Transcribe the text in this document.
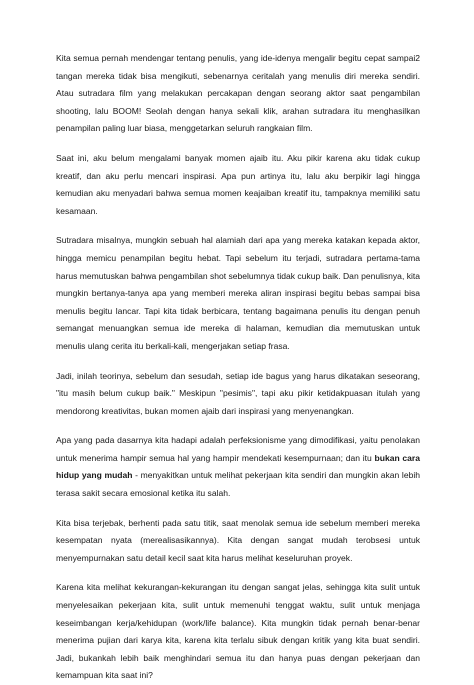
Kita semua pernah mendengar tentang penulis, yang ide-idenya mengalir begitu cepat sampai2 tangan mereka tidak bisa mengikuti, sebenarnya ceritalah yang menulis diri mereka sendiri. Atau sutradara film yang melakukan percakapan dengan seorang aktor saat pengambilan shooting, lalu BOOM! Seolah dengan hanya sekali klik, arahan sutradara itu menghasilkan penampilan paling luar biasa, menggetarkan seluruh rangkaian film.

Saat ini, aku belum mengalami banyak momen ajaib itu. Aku pikir karena aku tidak cukup kreatif, dan aku perlu mencari inspirasi. Apa pun artinya itu, lalu aku berpikir lagi hingga kemudian aku menyadari bahwa semua momen keajaiban kreatif itu, tampaknya memiliki satu kesamaan.

Sutradara misalnya, mungkin sebuah hal alamiah dari apa yang mereka katakan kepada aktor, hingga memicu penampilan begitu hebat. Tapi sebelum itu terjadi, sutradara pertama-tama harus memutuskan bahwa pengambilan shot sebelumnya tidak cukup baik. Dan penulisnya, kita mungkin bertanya-tanya apa yang memberi mereka aliran inspirasi begitu bebas sampai bisa menulis begitu lancar. Tapi kita tidak berbicara, tentang bagaimana penulis itu dengan penuh semangat menuangkan semua ide mereka di halaman, kemudian dia memutuskan untuk menulis ulang cerita itu berkali-kali, mengerjakan setiap frasa.

Jadi, inilah teorinya, sebelum dan sesudah, setiap ide bagus yang harus dikatakan seseorang, "itu masih belum cukup baik." Meskipun "pesimis", tapi aku pikir ketidakpuasan itulah yang mendorong kreativitas, bukan momen ajaib dari inspirasi yang menyenangkan.

Apa yang pada dasarnya kita hadapi adalah perfeksionisme yang dimodifikasi, yaitu penolakan untuk menerima hampir semua hal yang hampir mendekati kesempurnaan; dan itu bukan cara hidup yang mudah - menyakitkan untuk melihat pekerjaan kita sendiri dan mungkin akan lebih terasa sakit secara emosional ketika itu salah.

Kita bisa terjebak, berhenti pada satu titik, saat menolak semua ide sebelum memberi mereka kesempatan nyata (merealisasikannya). Kita dengan sangat mudah terobsesi untuk menyempurnakan satu detail kecil saat kita harus melihat keseluruhan proyek.

Karena kita melihat kekurangan-kekurangan itu dengan sangat jelas, sehingga kita sulit untuk menyelesaikan pekerjaan kita, sulit untuk memenuhi tenggat waktu, sulit untuk menjaga keseimbangan kerja/kehidupan (work/life balance). Kita mungkin tidak pernah benar-benar menerima pujian dari karya kita, karena kita terlalu sibuk dengan kritik yang kita buat sendiri. Jadi, bukankah lebih baik menghindari semua itu dan hanya puas dengan pekerjaan dan kemampuan kita saat ini?
